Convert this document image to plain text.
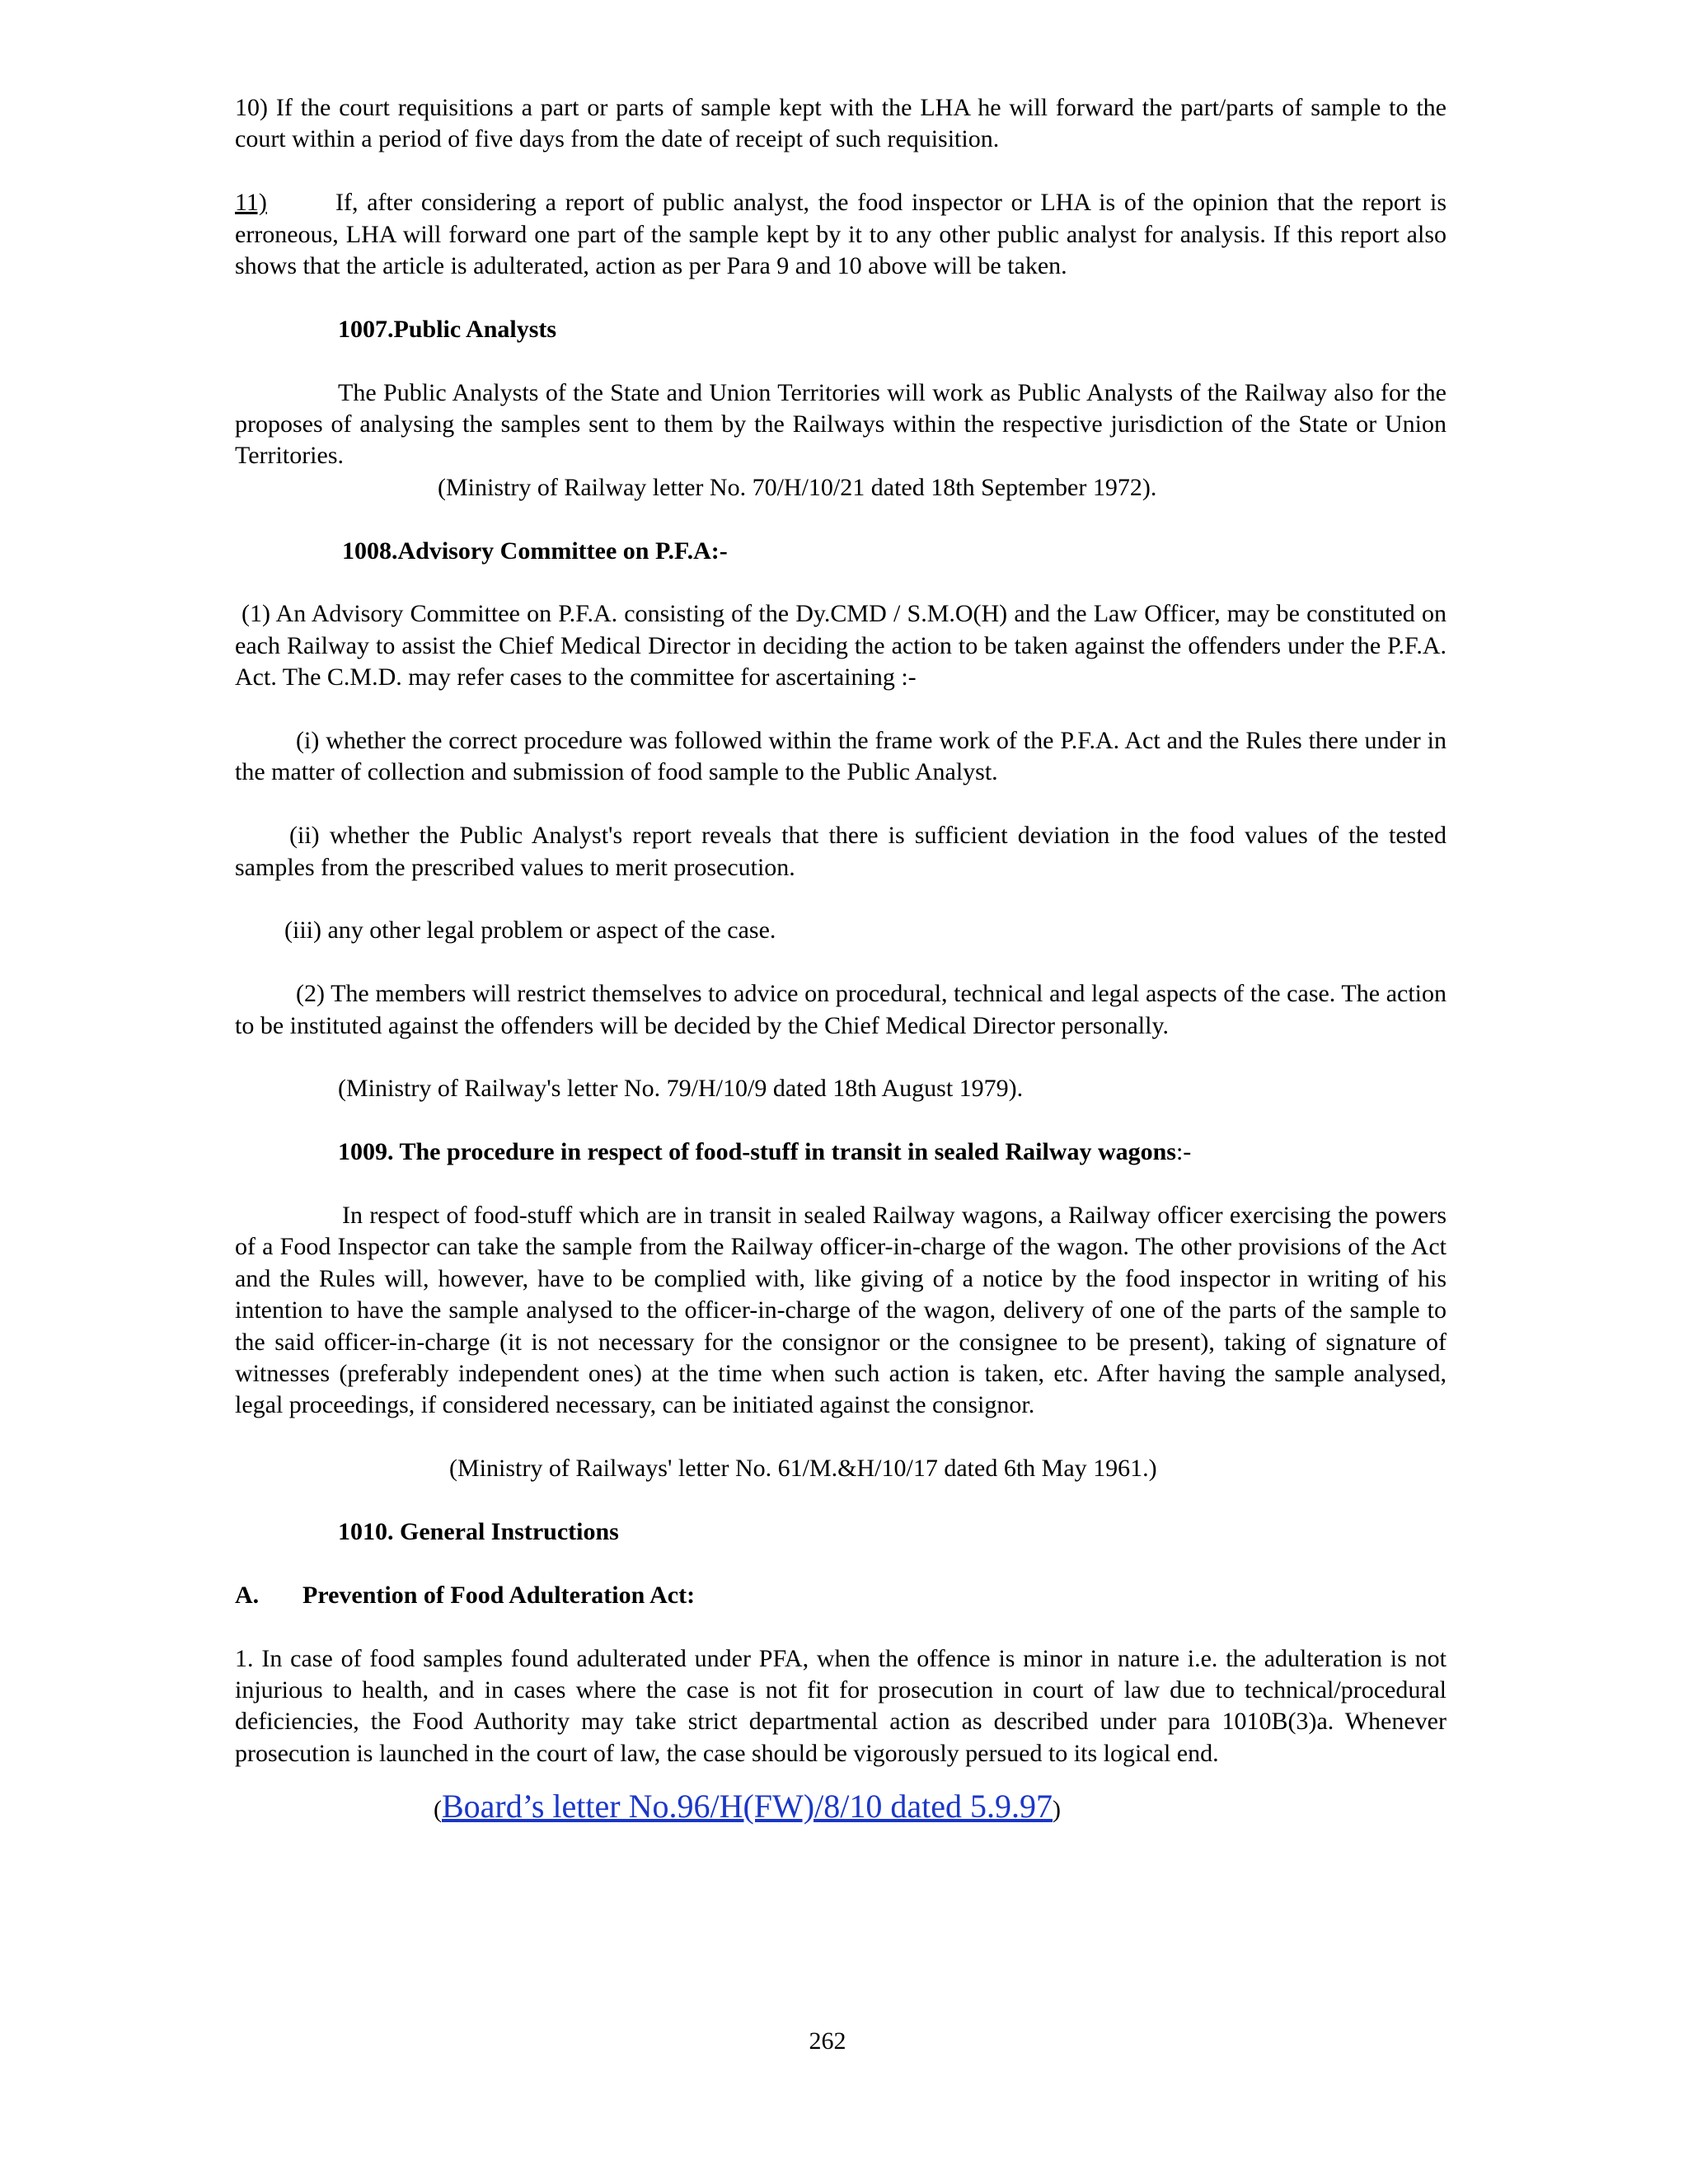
10) If the court requisitions a part or parts of sample kept with the LHA he will forward the part/parts of sample to the court within a period of five days from the date of receipt of such requisition.

11)	If, after considering a report of public analyst, the food inspector or LHA is of the opinion that the report is erroneous, LHA will forward one part of the sample kept by it to any other public analyst for analysis. If this report also shows that the article is adulterated, action as per Para 9 and 10 above will be taken.

1007.Public Analysts

The Public Analysts of the State and Union Territories will work as Public Analysts of the Railway also for the proposes of analysing the samples sent to them by the Railways within the respective jurisdiction of the State or Union Territories.

(Ministry of Railway letter No. 70/H/10/21 dated 18th September 1972).

1008.Advisory Committee on P.F.A:-

(1) An Advisory Committee on P.F.A. consisting of the Dy.CMD / S.M.O(H) and the Law Officer, may be constituted on each Railway to assist the Chief Medical Director in deciding the action to be taken against the offenders under the P.F.A. Act. The C.M.D. may refer cases to the committee for ascertaining :-

(i) whether the correct procedure was followed within the frame work of the P.F.A. Act and the Rules there under in the matter of collection and submission of food sample to the Public Analyst.

(ii) whether the Public Analyst's report reveals that there is sufficient deviation in the food values of the tested samples from the prescribed values to merit prosecution.

(iii) any other legal problem or aspect of the case.

(2) The members will restrict themselves to advice on procedural, technical and legal aspects of the case. The action to be instituted against the offenders will be decided by the Chief Medical Director personally.

(Ministry of Railway's letter No. 79/H/10/9 dated 18th August 1979).

1009. The procedure in respect of food-stuff in transit in sealed Railway wagons:-

In respect of food-stuff which are in transit in sealed Railway wagons, a Railway officer exercising the powers of a Food Inspector can take the sample from the Railway officer-in-charge of the wagon. The other provisions of the Act and the Rules will, however, have to be complied with, like giving of a notice by the food inspector in writing of his intention to have the sample analysed to the officer-in-charge of the wagon, delivery of one of the parts of the sample to the said officer-in-charge (it is not necessary for the consignor or the consignee to be present), taking of signature of witnesses (preferably independent ones) at the time when such action is taken, etc. After having the sample analysed, legal proceedings, if considered necessary, can be initiated against the consignor.

(Ministry of Railways' letter No. 61/M.&H/10/17 dated 6th May 1961.)

1010. General Instructions

A. Prevention of Food Adulteration Act:

1. In case of food samples found adulterated under PFA, when the offence is minor in nature i.e. the adulteration is not injurious to health, and in cases where the case is not fit for prosecution in court of law due to technical/procedural deficiencies, the Food Authority may take strict departmental action as described under para 1010B(3)a. Whenever prosecution is launched in the court of law, the case should be vigorously persued to its logical end.

(Board’s letter No.96/H(FW)/8/10 dated 5.9.97)

262
